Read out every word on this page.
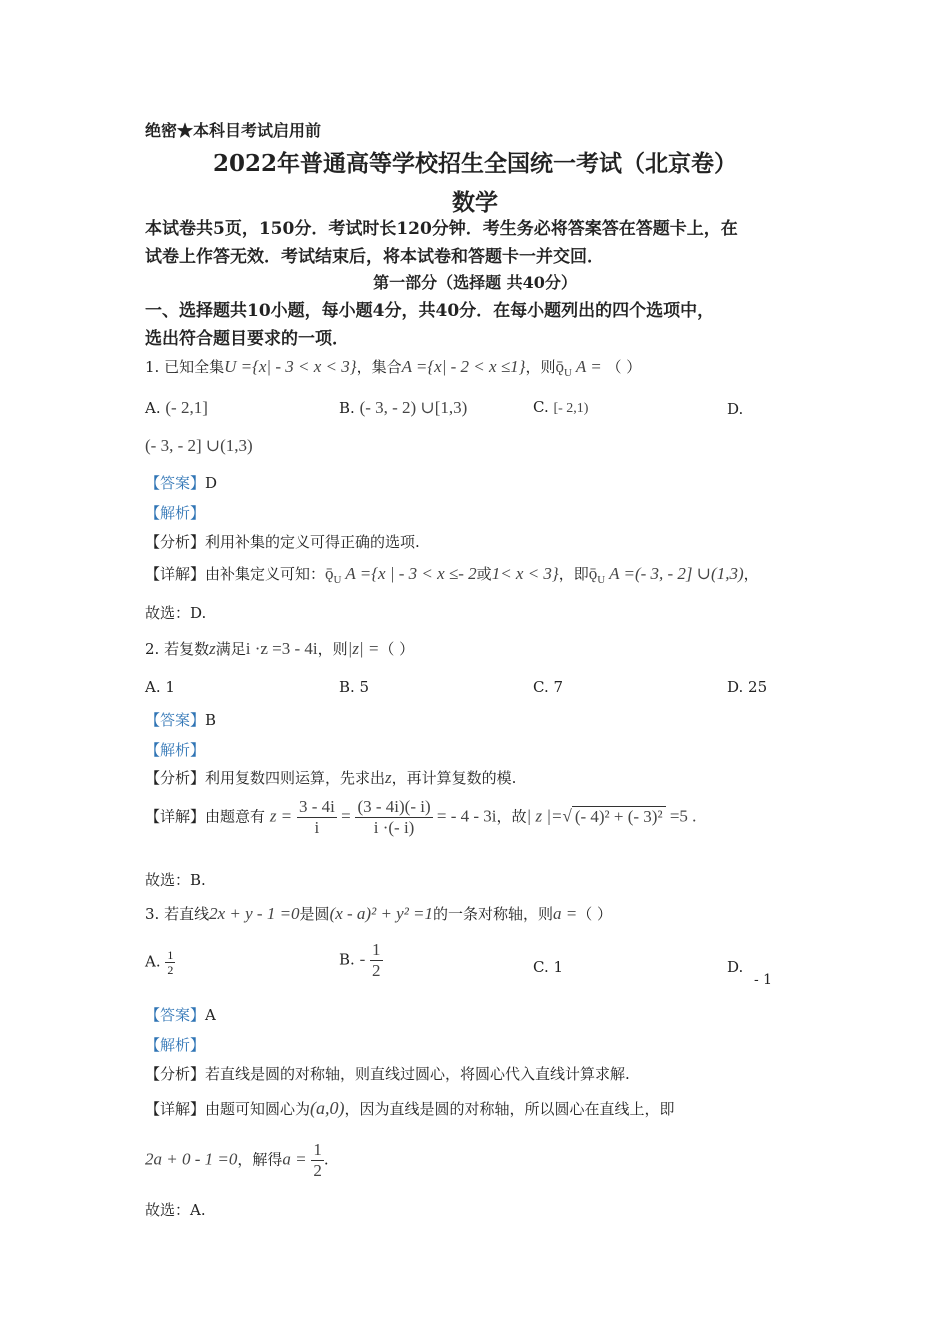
绝密★本科目考试启用前
2022年普通高等学校招生全国统一考试（北京卷）
数学
本试卷共5页，150分．考试时长120分钟．考生务必将答案答在答题卡上，在
试卷上作答无效．考试结束后，将本试卷和答题卡一并交回．
第一部分（选择题 共40分）
一、选择题共10小题，每小题4分，共40分．在每小题列出的四个选项中，
选出符合题目要求的一项．
1. 已知全集U ={x| - 3 < x < 3}，集合A ={x| - 2 < x ≤1}，则$ǭ_U$ A = （ ）
A. (- 2,1]	B. (- 3, - 2) ∪[1,3)	C. [- 2,1)	D.
(- 3, - 2] ∪(1,3)
【答案】D
【解析】
【分析】利用补集的定义可得正确的选项.
【详解】由补集定义可知：$ǭ_U$ A ={x | - 3 < x ≤- 2或1< x < 3}，即$ǭ_U$ A =(- 3, - 2] ∪(1,3)，
故选：D.
2. 若复数z满足i ·z =3 - 4i，则|z| =（ ）
A. 1	B. 5	C. 7	D. 25
【答案】B
【解析】
【分析】利用复数四则运算，先求出z，再计算复数的模.
【详解】由题意有 $z = \frac{3 - 4i}{i} = \frac{(3 - 4i)(- i)}{i \cdot(- i)}$ = - 4 - 3i，故| z |=√ (- 4)² + (- 3)² =5 .
故选：B.
3. 若直线2x + y - 1 =0是圆(x - a)² + y² =1的一条对称轴，则a =（ ）
A. $\frac{1}{2}$	B. - $\frac{1}{2}$	C. 1	D.
- 1
【答案】A
【解析】
【分析】若直线是圆的对称轴，则直线过圆心，将圆心代入直线计算求解.
【详解】由题可知圆心为(a,0)，因为直线是圆的对称轴，所以圆心在直线上，即
2a + 0 - 1 =0，解得$a = \frac{1}{2}$ .
故选：A.
